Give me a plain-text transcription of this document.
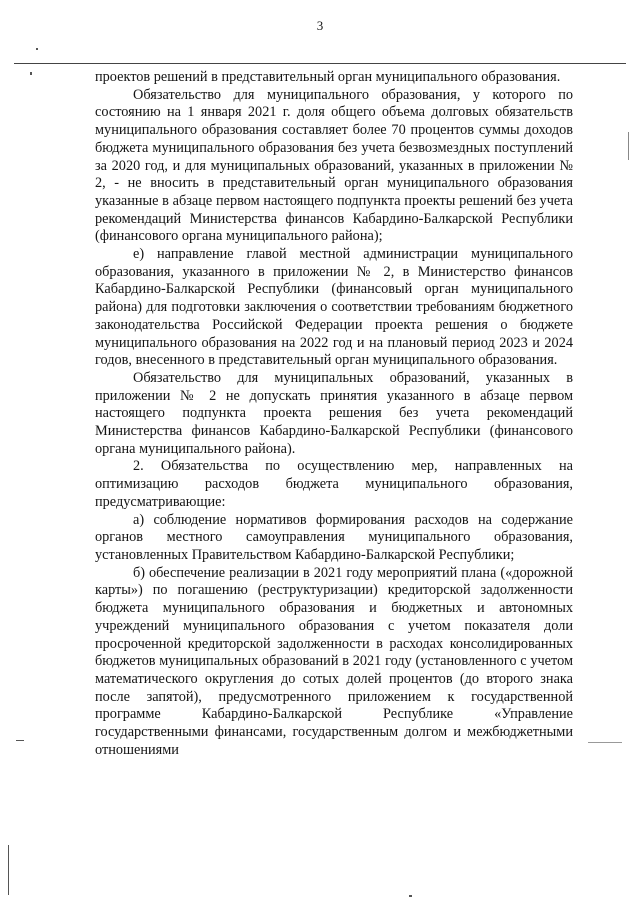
3

проектов решений в представительный орган муниципального образования.

Обязательство для муниципального образования, у которого по состоянию на 1 января 2021 г. доля общего объема долговых обязательств муниципального образования составляет более 70 процентов суммы доходов бюджета муниципального образования без учета безвозмездных поступлений за 2020 год, и для муниципальных образований, указанных в приложении № 2, - не вносить в представительный орган муниципального образования указанные в абзаце первом настоящего подпункта проекты решений без учета рекомендаций Министерства финансов Кабардино-Балкарской Республики (финансового органа муниципального района);

е) направление главой местной администрации муниципального образования, указанного в приложении № 2, в Министерство финансов Кабардино-Балкарской Республики (финансовый орган муниципального района) для подготовки заключения о соответствии требованиям бюджетного законодательства Российской Федерации проекта решения о бюджете муниципального образования на 2022 год и на плановый период 2023 и 2024 годов, внесенного в представительный орган муниципального образования.

Обязательство для муниципальных образований, указанных в приложении № 2 не допускать принятия указанного в абзаце первом настоящего подпункта проекта решения без учета рекомендаций Министерства финансов Кабардино-Балкарской Республики (финансового органа муниципального района).

2. Обязательства по осуществлению мер, направленных на оптимизацию расходов бюджета муниципального образования, предусматривающие:

а) соблюдение нормативов формирования расходов на содержание органов местного самоуправления муниципального образования, установленных Правительством Кабардино-Балкарской Республики;

б) обеспечение реализации в 2021 году мероприятий плана («дорожной карты») по погашению (реструктуризации) кредиторской задолженности бюджета муниципального образования и бюджетных и автономных учреждений муниципального образования с учетом показателя доли просроченной кредиторской задолженности в расходах консолидированных бюджетов муниципальных образований в 2021 году (установленного с учетом математического округления до сотых долей процентов (до второго знака после запятой), предусмотренного приложением к государственной программе Кабардино-Балкарской Республике «Управление государственными финансами, государственным долгом и межбюджетными отношениями
